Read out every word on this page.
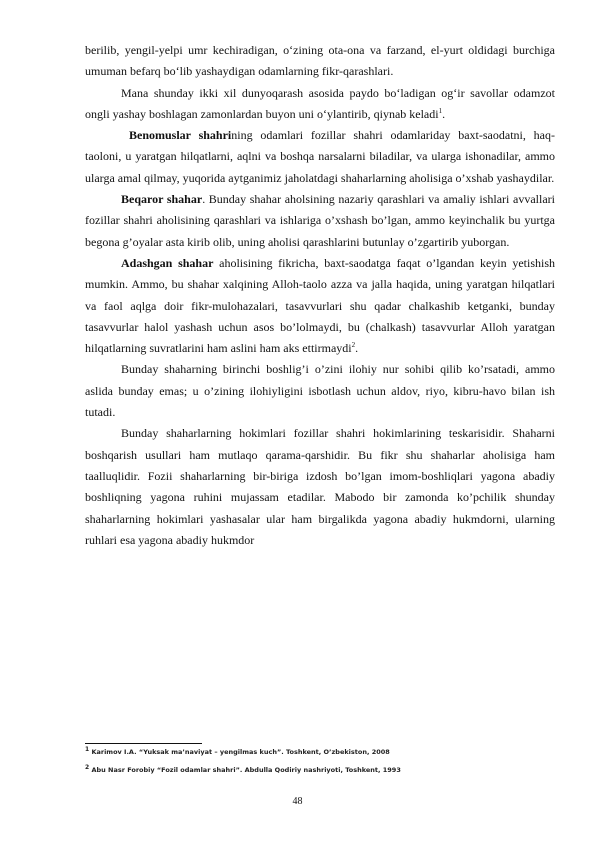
berilib, yengil-yelpi umr kechiradigan, o‘zining ota-ona va farzand, el-yurt oldidagi burchiga umuman befarq bo‘lib yashaydigan odamlarning fikr-qarashlari.

Mana shunday ikki xil dunyoqarash asosida paydo bo‘ladigan og‘ir savollar odamzot ongli yashay boshlagan zamonlardan buyon uni o‘ylantirib, qiynab keladi$^1$.

Benomuslar shahrining odamlari fozillar shahri odamlariday baxt-saodatni, haq-taoloni, u yaratgan hilqatlarni, aqlni va boshqa narsalarni biladilar, va ularga ishonadilar, ammo ularga amal qilmay, yuqorida aytganimiz jaholatdagi shaharlarning aholisiga o’xshab yashaydilar.

Beqaror shahar. Bunday shahar aholsining nazariy qarashlari va amaliy ishlari avvallari fozillar shahri aholisining qarashlari va ishlariga o’xshash bo’lgan, ammo keyinchalik bu yurtga begona g’oyalar asta kirib olib, uning aholisi qarashlarini butunlay o’zgartirib yuborgan.

Adashgan shahar aholisining fikricha, baxt-saodatga faqat o’lgandan keyin yetishish mumkin. Ammo, bu shahar xalqining Alloh-taolo azza va jalla haqida, uning yaratgan hilqatlari va faol aqlga doir fikr-mulohazalari, tasavvurlari shu qadar chalkashib ketganki, bunday tasavvurlar halol yashash uchun asos bo’lolmaydi, bu (chalkash) tasavvurlar Alloh yaratgan hilqatlarning suvratlarini ham aslini ham aks ettirmaydi$^2$.

Bunday shaharning birinchi boshlig’i o’zini ilohiy nur sohibi qilib ko’rsatadi, ammo aslida bunday emas; u o’zining ilohiyligini isbotlash uchun aldov, riyo, kibru-havo bilan ish tutadi.

Bunday shaharlarning hokimlari fozillar shahri hokimlarining teskarisidir. Shaharni boshqarish usullari ham mutlaqo qarama-qarshidir. Bu fikr shu shaharlar aholisiga ham taalluqlidir. Fozii shaharlarning bir-biriga izdosh bo’lgan imom-boshliqlari yagona abadiy boshliqning yagona ruhini mujassam etadilar. Mabodo bir zamonda ko’pchilik shunday shaharlarning hokimlari yashasalar ular ham birgalikda yagona abadiy hukmdorni, ularning ruhlari esa yagona abadiy hukmdor

$^1$ Karimov I.A. “Yuksak ma’naviyat – yengilmas kuch”. Toshkent, O’zbekiston, 2008
$^2$ Abu Nasr Forobiy “Fozil odamlar shahri”. Abdulla Qodiriy nashriyoti, Toshkent, 1993
48
